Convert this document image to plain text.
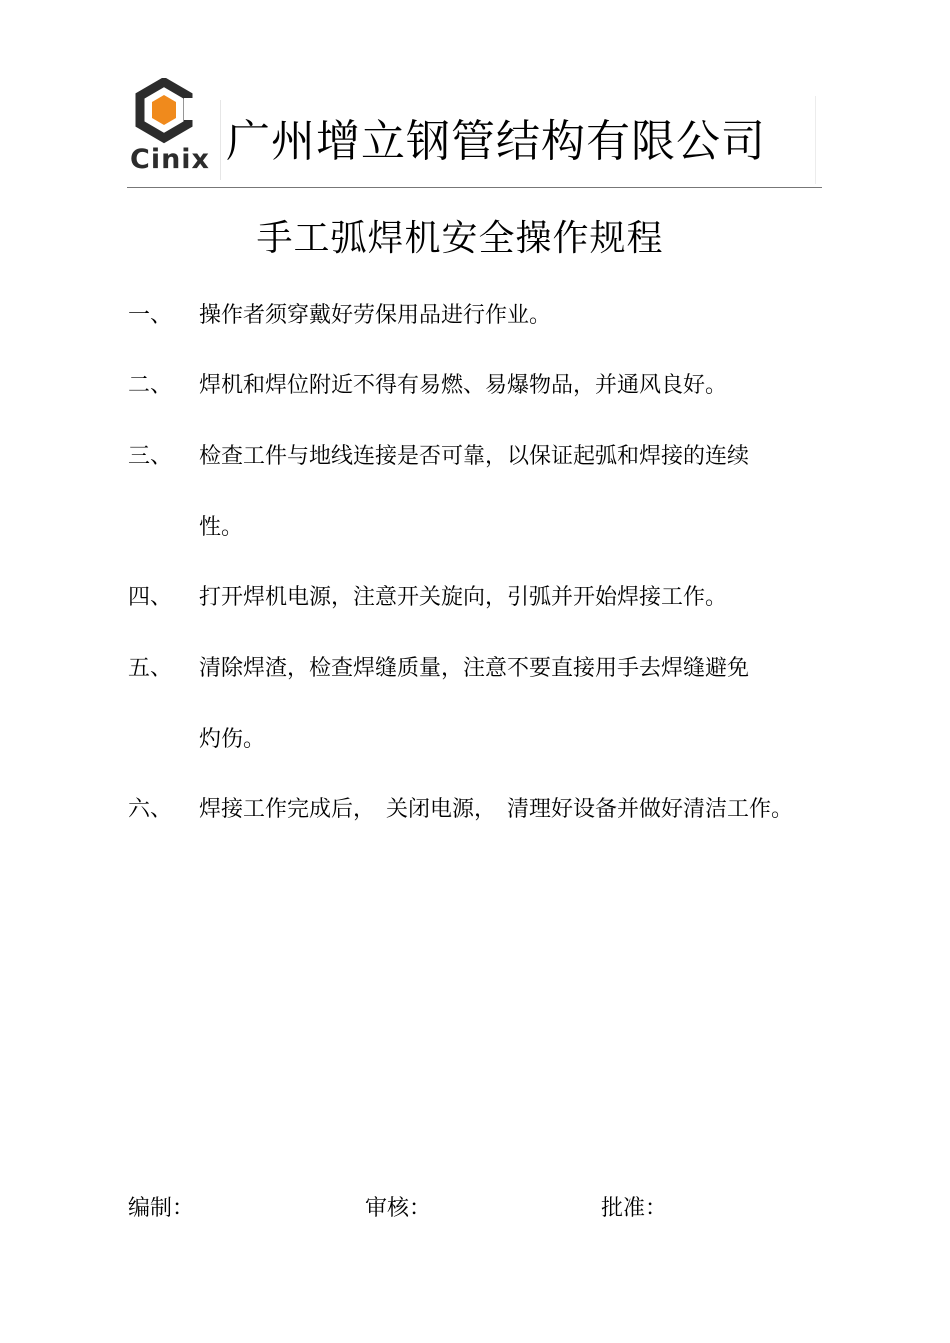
Cinix 广州增立钢管结构有限公司
手工弧焊机安全操作规程
一、 操作者须穿戴好劳保用品进行作业。
二、 焊机和焊位附近不得有易燃、易爆物品，并通风良好。
三、 检查工件与地线连接是否可靠，以保证起弧和焊接的连续
性。
四、 打开焊机电源，注意开关旋向，引弧并开始焊接工作。
五、 清除焊渣，检查焊缝质量，注意不要直接用手去焊缝避免
灼伤。
六、 焊接工作完成后，　关闭电源，　清理好设备并做好清洁工作。
编制：	审核：	批准：
